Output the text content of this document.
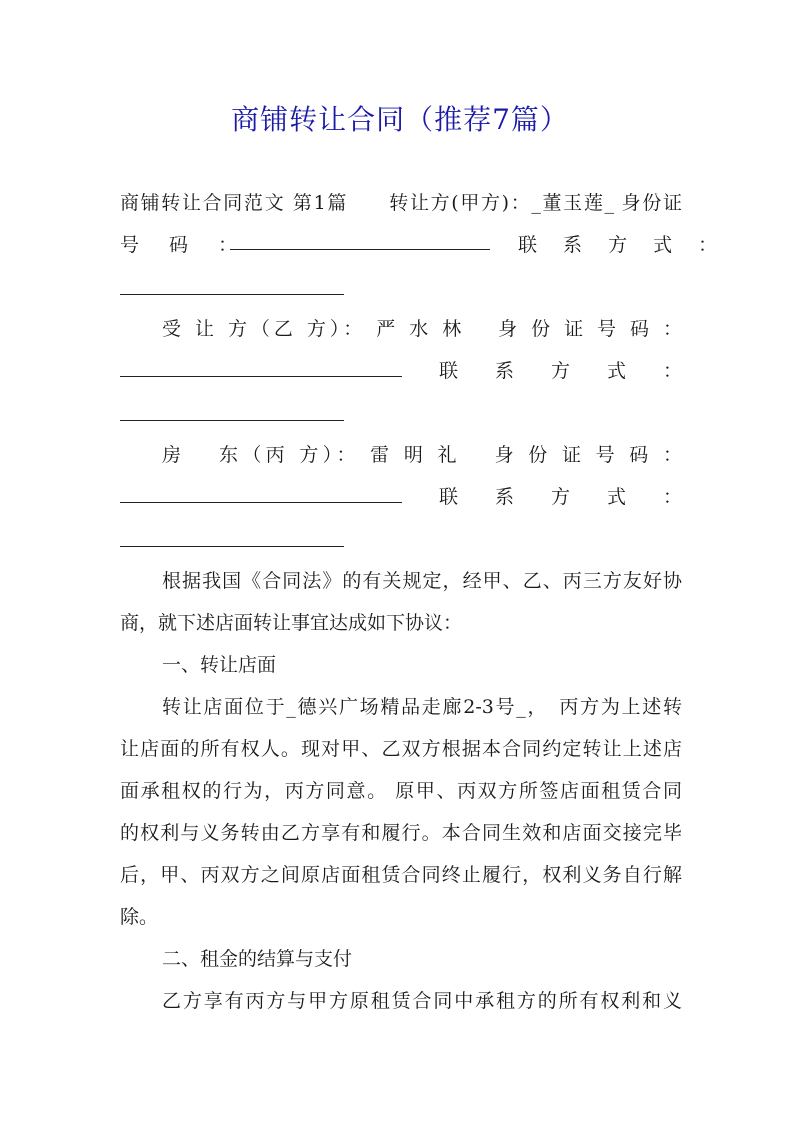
商铺转让合同（推荐7篇）
商铺转让合同范文 第1篇　　转让方(甲方)：_董玉莲_ 身份证
号 码 ：	联 系 方 式 ：
受 让 方（乙 方）： 严 水 林　 身 份 证 号 码 ：
联 系 方 式 ：
房　 东（丙 方）： 雷 明 礼　 身 份 证 号 码 ：
联 系 方 式 ：
根据我国《合同法》的有关规定，经甲、乙、丙三方友好协
商，就下述店面转让事宜达成如下协议：
一、转让店面
转让店面位于_德兴广场精品走廊2-3号_，　丙方为上述转
让店面的所有权人。现对甲、乙双方根据本合同约定转让上述店
面承租权的行为，丙方同意。 原甲、丙双方所签店面租赁合同
的权利与义务转由乙方享有和履行。本合同生效和店面交接完毕
后，甲、丙双方之间原店面租赁合同终止履行，权利义务自行解
除。
二、租金的结算与支付
乙方享有丙方与甲方原租赁合同中承租方的所有权利和义
